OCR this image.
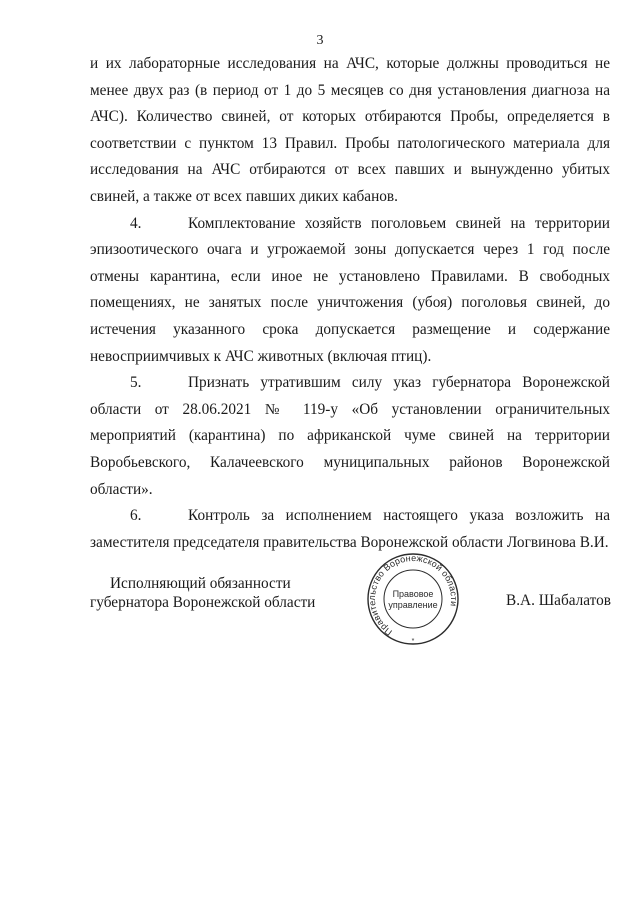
3

и их лабораторные исследования на АЧС, которые должны проводиться не менее двух раз (в период от 1 до 5 месяцев со дня установления диагноза на АЧС). Количество свиней, от которых отбираются Пробы, определяется в соответствии с пунктом 13 Правил. Пробы патологического материала для исследования на АЧС отбираются от всех павших и вынужденно убитых свиней, а также от всех павших диких кабанов.

4.	Комплектование хозяйств поголовьем свиней на территории эпизоотического очага и угрожаемой зоны допускается через 1 год после отмены карантина, если иное не установлено Правилами. В свободных помещениях, не занятых после уничтожения (убоя) поголовья свиней, до истечения указанного срока допускается размещение и содержание невосприимчивых к АЧС животных (включая птиц).

5.	Признать утратившим силу указ губернатора Воронежской области от 28.06.2021 № 119-у «Об установлении ограничительных мероприятий (карантина) по африканской чуме свиней на территории Воробьевского, Калачеевского муниципальных районов Воронежской области».

6.	Контроль за исполнением настоящего указа возложить на заместителя председателя правительства Воронежской области Логвинова В.И.

Исполняющий обязанности
губернатора Воронежской области
Правительство Воронежской области
Правовое
управление
*
В.А. Шабалатов
